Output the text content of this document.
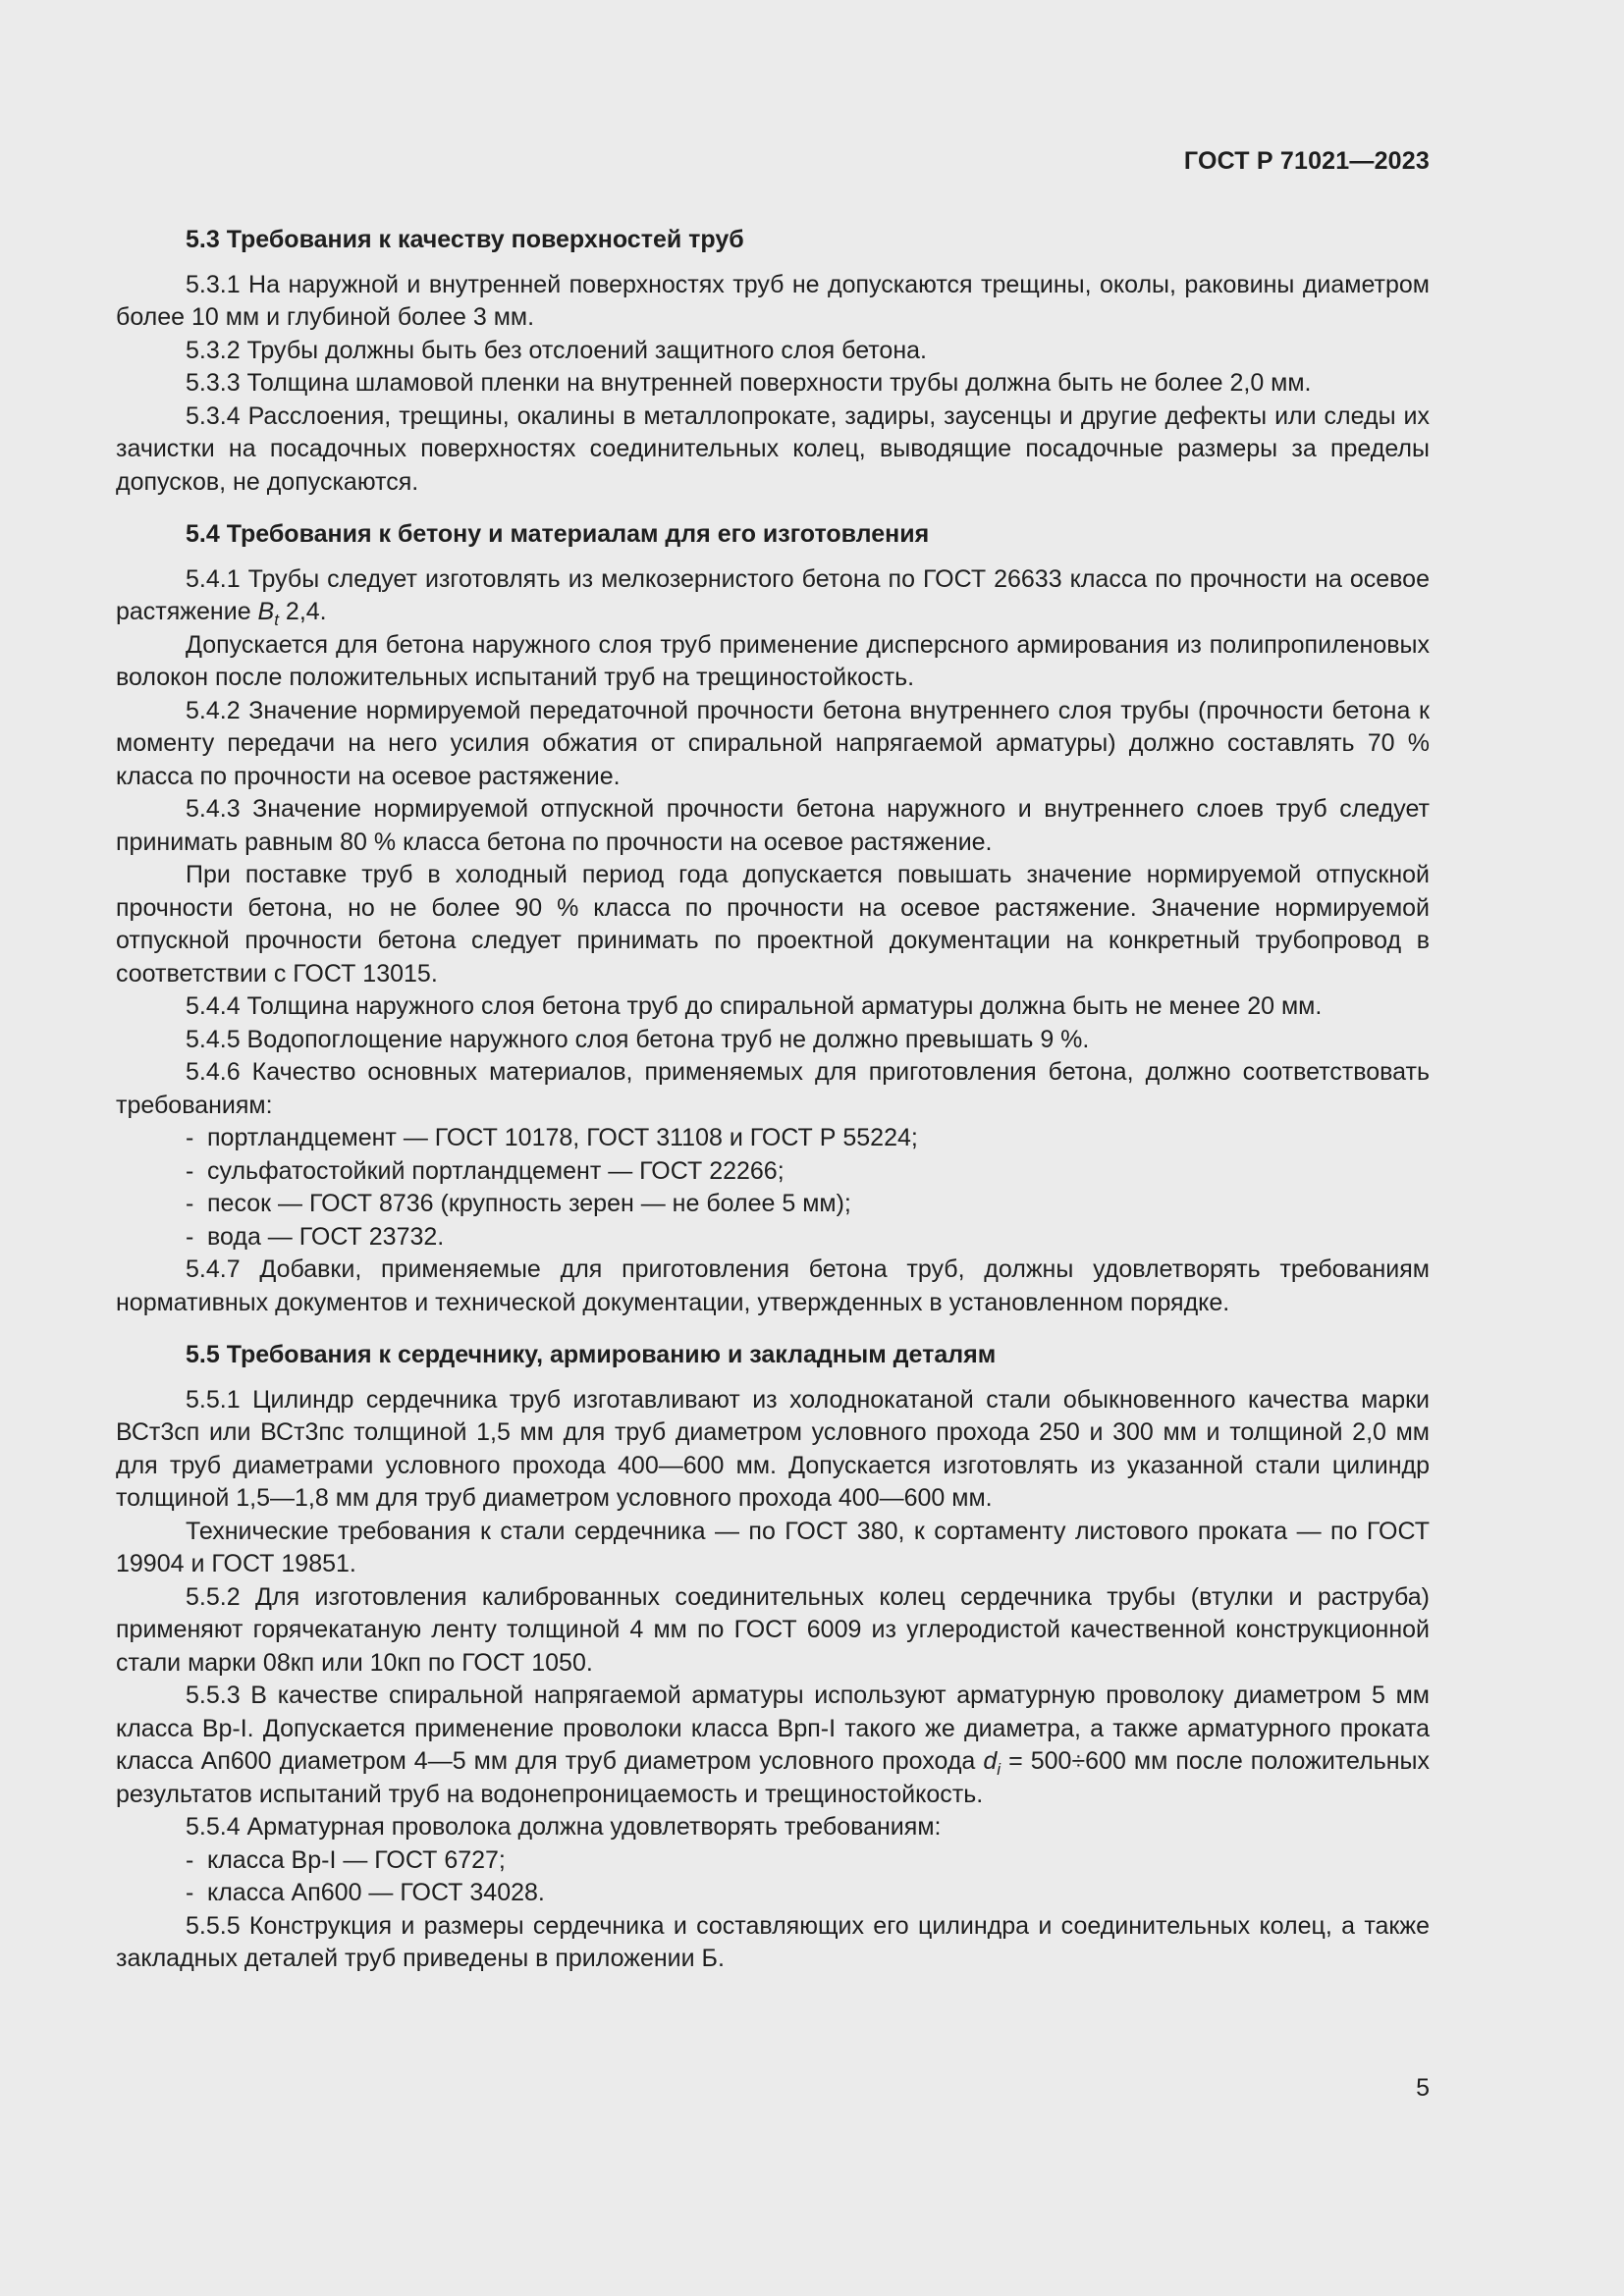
ГОСТ Р 71021—2023
5.3 Требования к качеству поверхностей труб
5.3.1 На наружной и внутренней поверхностях труб не допускаются трещины, околы, раковины диаметром более 10 мм и глубиной более 3 мм.
5.3.2 Трубы должны быть без отслоений защитного слоя бетона.
5.3.3 Толщина шламовой пленки на внутренней поверхности трубы должна быть не более 2,0 мм.
5.3.4 Расслоения, трещины, окалины в металлопрокате, задиры, заусенцы и другие дефекты или следы их зачистки на посадочных поверхностях соединительных колец, выводящие посадочные размеры за пределы допусков, не допускаются.
5.4 Требования к бетону и материалам для его изготовления
5.4.1 Трубы следует изготовлять из мелкозернистого бетона по ГОСТ 26633 класса по прочности на осевое растяжение $B_t$ 2,4.
Допускается для бетона наружного слоя труб применение дисперсного армирования из полипропиленовых волокон после положительных испытаний труб на трещиностойкость.
5.4.2 Значение нормируемой передаточной прочности бетона внутреннего слоя трубы (прочности бетона к моменту передачи на него усилия обжатия от спиральной напрягаемой арматуры) должно составлять 70 % класса по прочности на осевое растяжение.
5.4.3 Значение нормируемой отпускной прочности бетона наружного и внутреннего слоев труб следует принимать равным 80 % класса бетона по прочности на осевое растяжение.
При поставке труб в холодный период года допускается повышать значение нормируемой отпускной прочности бетона, но не более 90 % класса по прочности на осевое растяжение. Значение нормируемой отпускной прочности бетона следует принимать по проектной документации на конкретный трубопровод в соответствии с ГОСТ 13015.
5.4.4 Толщина наружного слоя бетона труб до спиральной арматуры должна быть не менее 20 мм.
5.4.5 Водопоглощение наружного слоя бетона труб не должно превышать 9 %.
5.4.6 Качество основных материалов, применяемых для приготовления бетона, должно соответствовать требованиям:
- портландцемент — ГОСТ 10178, ГОСТ 31108 и ГОСТ Р 55224;
- сульфатостойкий портландцемент — ГОСТ 22266;
- песок — ГОСТ 8736 (крупность зерен — не более 5 мм);
- вода — ГОСТ 23732.
5.4.7 Добавки, применяемые для приготовления бетона труб, должны удовлетворять требованиям нормативных документов и технической документации, утвержденных в установленном порядке.
5.5 Требования к сердечнику, армированию и закладным деталям
5.5.1 Цилиндр сердечника труб изготавливают из холоднокатаной стали обыкновенного качества марки ВСт3сп или ВСт3пс толщиной 1,5 мм для труб диаметром условного прохода 250 и 300 мм и толщиной 2,0 мм для труб диаметрами условного прохода 400—600 мм. Допускается изготовлять из указанной стали цилиндр толщиной 1,5—1,8 мм для труб диаметром условного прохода 400—600 мм.
Технические требования к стали сердечника — по ГОСТ 380, к сортаменту листового проката — по ГОСТ 19904 и ГОСТ 19851.
5.5.2 Для изготовления калиброванных соединительных колец сердечника трубы (втулки и раструба) применяют горячекатаную ленту толщиной 4 мм по ГОСТ 6009 из углеродистой качественной конструкционной стали марки 08кп или 10кп по ГОСТ 1050.
5.5.3 В качестве спиральной напрягаемой арматуры используют арматурную проволоку диаметром 5 мм класса Вр-I. Допускается применение проволоки класса Врп-I такого же диаметра, а также арматурного проката класса Ап600 диаметром 4—5 мм для труб диаметром условного прохода $d_i = 500\div 600$ мм после положительных результатов испытаний труб на водонепроницаемость и трещиностойкость.
5.5.4 Арматурная проволока должна удовлетворять требованиям:
- класса Вр-I — ГОСТ 6727;
- класса Ап600 — ГОСТ 34028.
5.5.5 Конструкция и размеры сердечника и составляющих его цилиндра и соединительных колец, а также закладных деталей труб приведены в приложении Б.
5
